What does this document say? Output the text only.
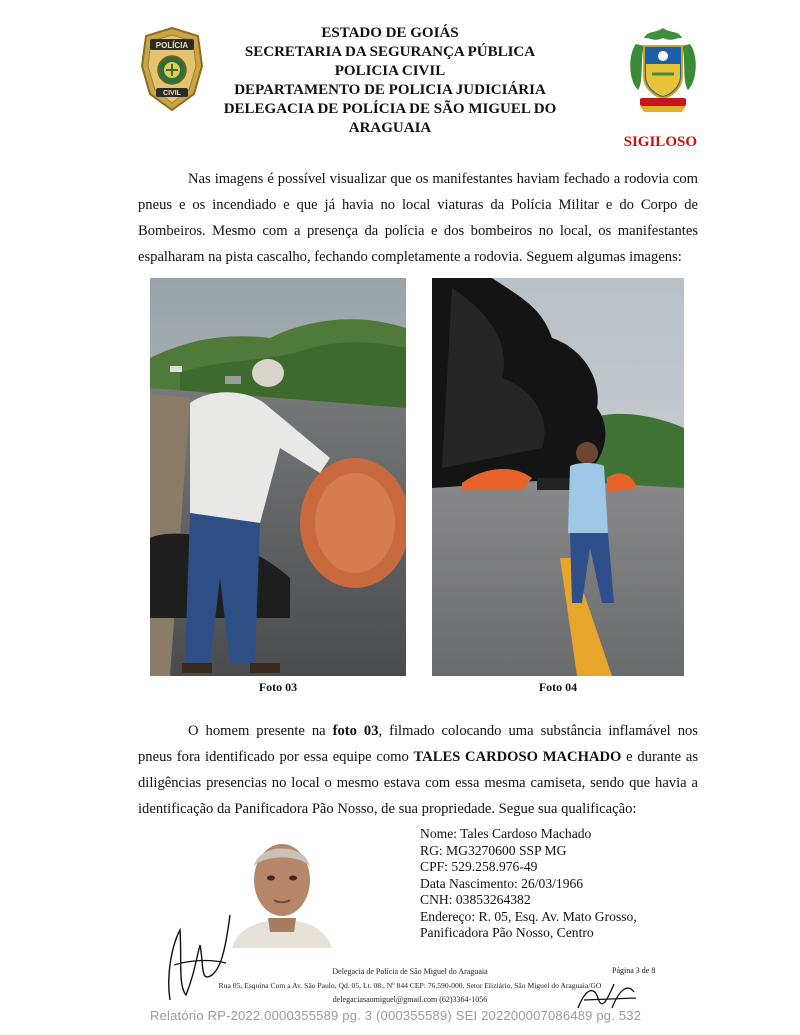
POLÍCIA
CIVIL
ESTADO DE GOIÁS
SECRETARIA DA SEGURANÇA PÚBLICA
POLICIA CIVIL
DEPARTAMENTO DE POLICIA JUDICIÁRIA
DELEGACIA DE POLÍCIA DE SÃO MIGUEL DO
ARAGUAIA
SIGILOSO

Nas imagens é possível visualizar que os manifestantes haviam fechado a rodovia com pneus e os incendiado e que já havia no local viaturas da Polícia Militar e do Corpo de Bombeiros. Mesmo com a presença da polícia e dos bombeiros no local, os manifestantes espalharam na pista cascalho, fechando completamente a rodovia. Seguem algumas imagens:

Foto 03	Foto 04

O homem presente na foto 03, filmado colocando uma substância inflamável nos pneus fora identificado por essa equipe como TALES CARDOSO MACHADO e durante as diligências presencias no local o mesmo estava com essa mesma camiseta, sendo que havia a identificação da Panificadora Pão Nosso, de sua propriedade. Segue sua qualificação:

Nome: Tales Cardoso Machado
RG: MG3270600 SSP MG
CPF: 529.258.976-49
Data Nascimento: 26/03/1966
CNH: 03853264382
Endereço: R. 05, Esq. Av. Mato Grosso,
Panificadora Pão Nosso, Centro
Delegacia de Polícia de São Miguel do Araguaia	Página 3 de 8
Rua 05, Esquina Com a Av. São Paulo, Qd. 05, Lt. 08., Nº 844 CEP: 76.590-000, Setor Eliziário, São Miguel do Araguaia/GO
delegaciasaomiguel@gmail.com (62)3364-1056
Relatório RP-2022.0000355589 pg. 3 (000355589) SEI 202200007086489 pg. 532
